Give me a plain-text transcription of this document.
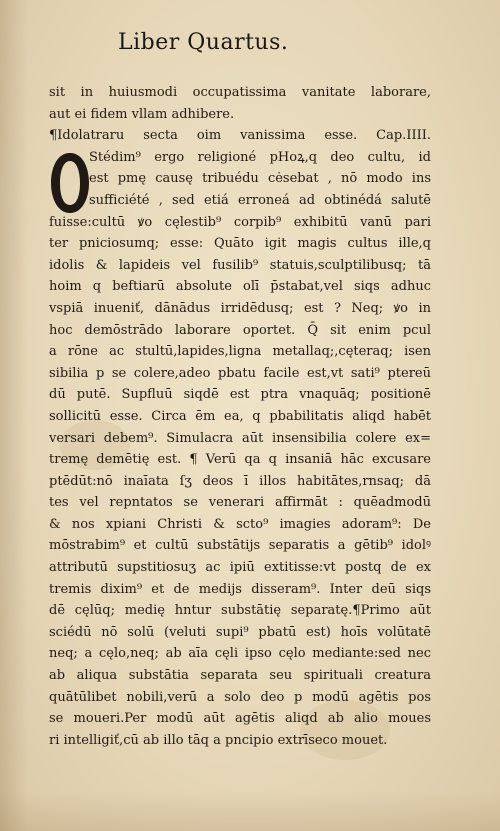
Liber Quartus.
sit in huiusmodi occupatissima vanitate laborare,
aut ei fidem vllam adhibere.
¶Idolatraru secta oim vanissima esse. Cap.IIII.
Stédim⁹ ergo religioné pHoꝝ,q deo cultu, id
est pmę causę tribuédu cėsebat , nō modo ins
sufficiété , sed etiá erroneá ad obtinédá salutē
fuisse:cultū ꝟo cęlestib⁹ corpib⁹ exhibitū vanū pari
ter pniciosumq; esse: Quāto igit magis cultus ille,q
idolis & lapideis vel fusilib⁹ statuis,sculptilibusq; tā
hoim q beftiarū absolute olī p̄stabat,vel siqs adhuc
vspiā inueniť, dānādus irridēdusq; est ? Neq; ꝟo in
hoc demōstrādo laborare oportet. Q̄ sit enim pcul
a rōne ac stultū,lapides,ligna metallaq;,cęteraq; isen
sibilia p se colere,adeo pbatu facile est,vt sati⁹ ptereū
dū putē. Supfluū siqdē est ptra vnaquāq; positionē
sollicitū esse. Circa ēm ea, q pbabilitatis aliqd habēt
versari debem⁹. Simulacra aūt insensibilia colere ex=
tremę demētię est. ¶ Verū qa q insaniā hāc excusare
ptēdūt:nō inaīata ſʒ deos ī illos habitātes,rnsaq; dā
tes vel repntatos se venerari affirmāt : quēadmodū
& nos xpiani Christi & scto⁹ imagies adoram⁹: De
mōstrabim⁹ et cultū substātijs separatis a gētib⁹ idolꝰ
attributū supstitiosuʒ ac ipiū extitisse:vt postq de ex
tremis dixim⁹ et de medijs disseram⁹. Inter deū siqs
dē cęlūq; medię hntur substātię separatę.¶Primo aūt
sciédū nō solū (veluti supi⁹ pbatū est) hoīs volūtatē
neq; a cęlo,neq; ab aīa cęli ipso cęlo mediante:sed nec
ab aliqua substātia separata seu spirituali creatura
quātūlibet nobili,verū a solo deo p modū agētis pos
se moueri.Per modū aūt agētis aliqd ab alio moues
ri intelligiť,cū ab illo tāq a pncipio extrīseco mouet.
